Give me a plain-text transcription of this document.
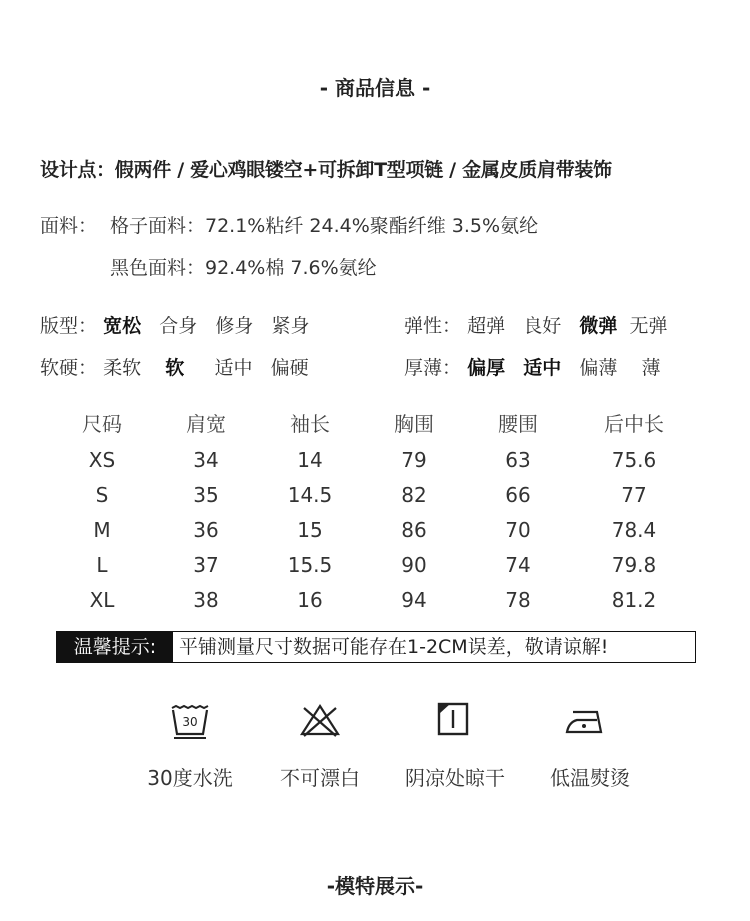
- 商品信息 -
设计点：假两件 / 爱心鸡眼镂空+可拆卸T型项链 / 金属皮质肩带装饰
面料： 格子面料：72.1%粘纤 24.4%聚酯纤维 3.5%氨纶
黑色面料：92.4%棉 7.6%氨纶
版型： 宽松 合身 修身 紧身	弹性： 超弹 良好 微弹 无弹
软硬： 柔软 软 适中 偏硬	厚薄： 偏厚 适中 偏薄 薄
尺码	肩宽	袖长	胸围	腰围	后中长
XS	34	14	79	63	75.6
S	35	14.5	82	66	77
M	36	15	86	70	78.4
L	37	15.5	90	74	79.8
XL	38	16	94	78	81.2
温馨提示:	平铺测量尺寸数据可能存在1-2CM误差，敬请谅解!
30
30度水洗	不可漂白	阴凉处晾干	低温熨烫
-模特展示-
